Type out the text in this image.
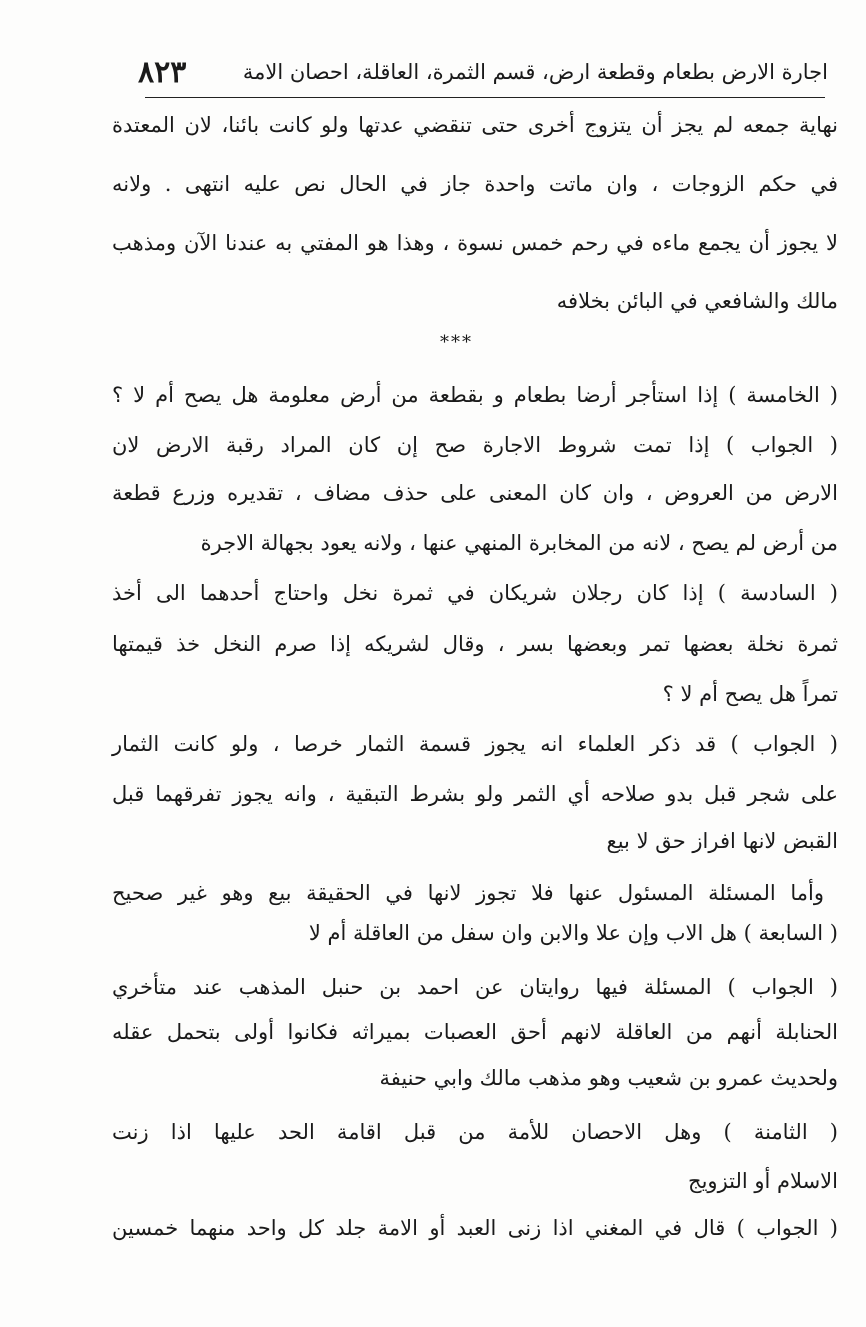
اجارة الارض بطعام وقطعة ارض، قسم الثمرة، العاقلة، احصان الامة
٨٢٣
***
نهاية جمعه لم يجز أن يتزوج أخرى حتى تنقضي عدتها ولو كانت بائنا، لان المعتدة
في حكم الزوجات ، وان ماتت واحدة جاز في الحال نص عليه انتهى . ولانه
لا يجوز أن يجمع ماءه في رحم خمس نسوة ، وهذا هو المفتي به عندنا الآن ومذهب
مالك والشافعي في البائن بخلافه
( الخامسة ) إذا استأجر أرضا بطعام و بقطعة من أرض معلومة هل يصح أم لا ؟
( الجواب ) إذا تمت شروط الاجارة صح إن كان المراد رقبة الارض لان
الارض من العروض ، وان كان المعنى على حذف مضاف ، تقديره وزرع قطعة
من أرض لم يصح ، لانه من المخابرة المنهي عنها ، ولانه يعود بجهالة الاجرة
( السادسة ) إذا كان رجلان شريكان في ثمرة نخل واحتاج أحدهما الى أخذ
ثمرة نخلة بعضها تمر وبعضها بسر ، وقال لشريكه إذا صرم النخل خذ قيمتها
تمراً هل يصح أم لا ؟
( الجواب ) قد ذكر العلماء انه يجوز قسمة الثمار خرصا ، ولو كانت الثمار
على شجر قبل بدو صلاحه أي الثمر ولو بشرط التبقية ، وانه يجوز تفرقهما قبل
القبض لانها افراز حق لا بيع
وأما المسئلة المسئول عنها فلا تجوز لانها في الحقيقة بيع وهو غير صحيح
( السابعة ) هل الاب وإن علا والابن وان سفل من العاقلة أم لا
( الجواب ) المسئلة فيها روايتان عن احمد بن حنبل المذهب عند متأخري
الحنابلة أنهم من العاقلة لانهم أحق العصبات بميراثه فكانوا أولى بتحمل عقله
ولحديث عمرو بن شعيب وهو مذهب مالك وابي حنيفة
( الثامنة ) وهل الاحصان للأمة من قبل اقامة الحد عليها اذا زنت
الاسلام أو التزويج
( الجواب ) قال في المغني اذا زنى العبد أو الامة جلد كل واحد منهما خمسين
